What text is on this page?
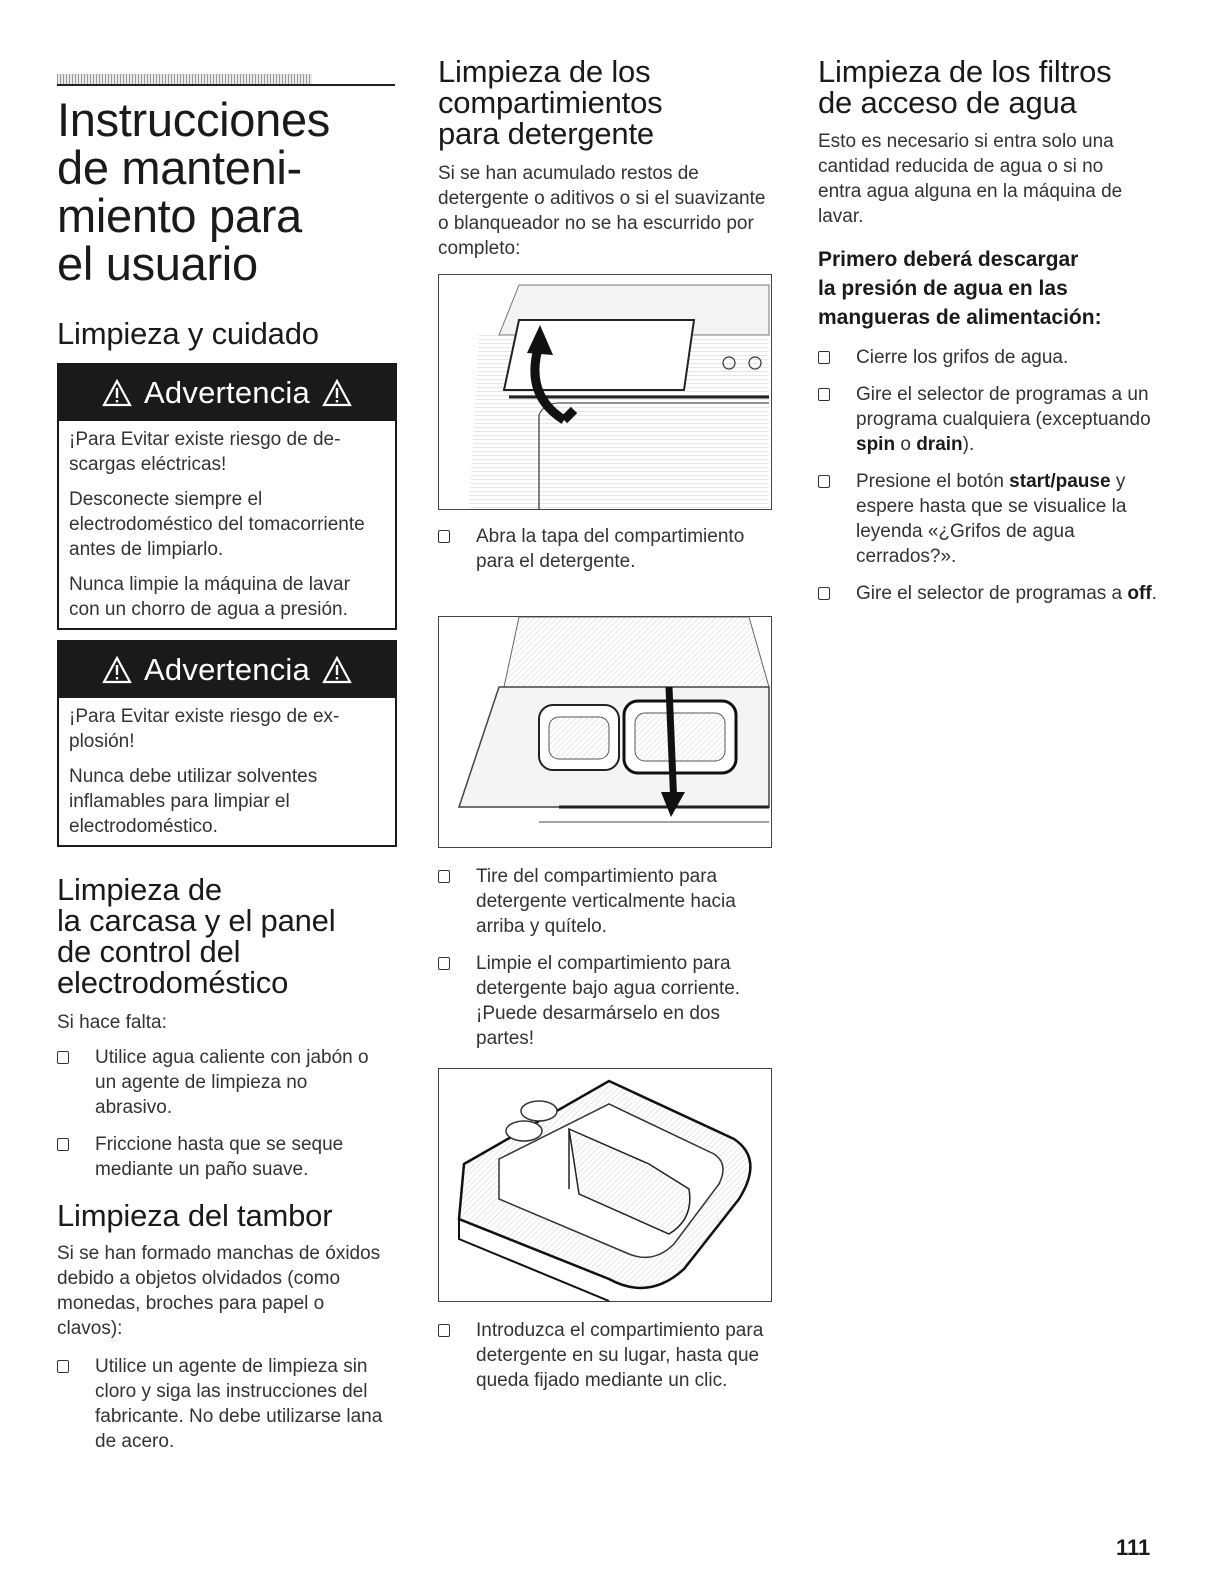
Instrucciones
de manteni-
miento para
el usuario
Limpieza y cuidado
Advertencia

¡Para Evitar existe riesgo de de-scargas eléctricas!

Desconecte siempre el electrodoméstico del tomacorriente antes de limpiarlo.

Nunca limpie la máquina de lavar con un chorro de agua a presión.

Advertencia

¡Para Evitar existe riesgo de ex-plosión!

Nunca debe utilizar solventes inflamables para limpiar el electrodoméstico.

Limpieza de
la carcasa y el panel
de control del
electrodoméstico

Si hace falta:

Utilice agua caliente con jabón o un agente de limpieza no abrasivo.
Friccione hasta que se seque mediante un paño suave.
Limpieza del tambor

Si se han formado manchas de óxidos debido a objetos olvidados (como monedas, broches para papel o clavos):

Utilice un agente de limpieza sin cloro y siga las instrucciones del fabricante. No debe utilizarse lana de acero.
Limpieza de los
compartimientos
para detergente

Si se han acumulado restos de detergente o aditivos o si el suavizante o blanqueador no se ha escurrido por completo:

Abra la tapa del compartimiento para el detergente.
Tire del compartimiento para detergente verticalmente hacia arriba y quítelo.
Limpie el compartimiento para detergente bajo agua corriente. ¡Puede desarmárselo en dos partes!
Introduzca el compartimiento para detergente en su lugar, hasta que queda fijado mediante un clic.
Limpieza de los filtros
de acceso de agua

Esto es necesario si entra solo una cantidad reducida de agua o si no entra agua alguna en la máquina de lavar.

Primero deberá descargar
la presión de agua en las
mangueras de alimentación:
Cierre los grifos de agua.
Gire el selector de programas a un programa cualquiera (exceptuando spin o drain).
Presione el botón start/pause y espere hasta que se visualice la leyenda «¿Grifos de agua cerrados?».
Gire el selector de programas a off.
111
